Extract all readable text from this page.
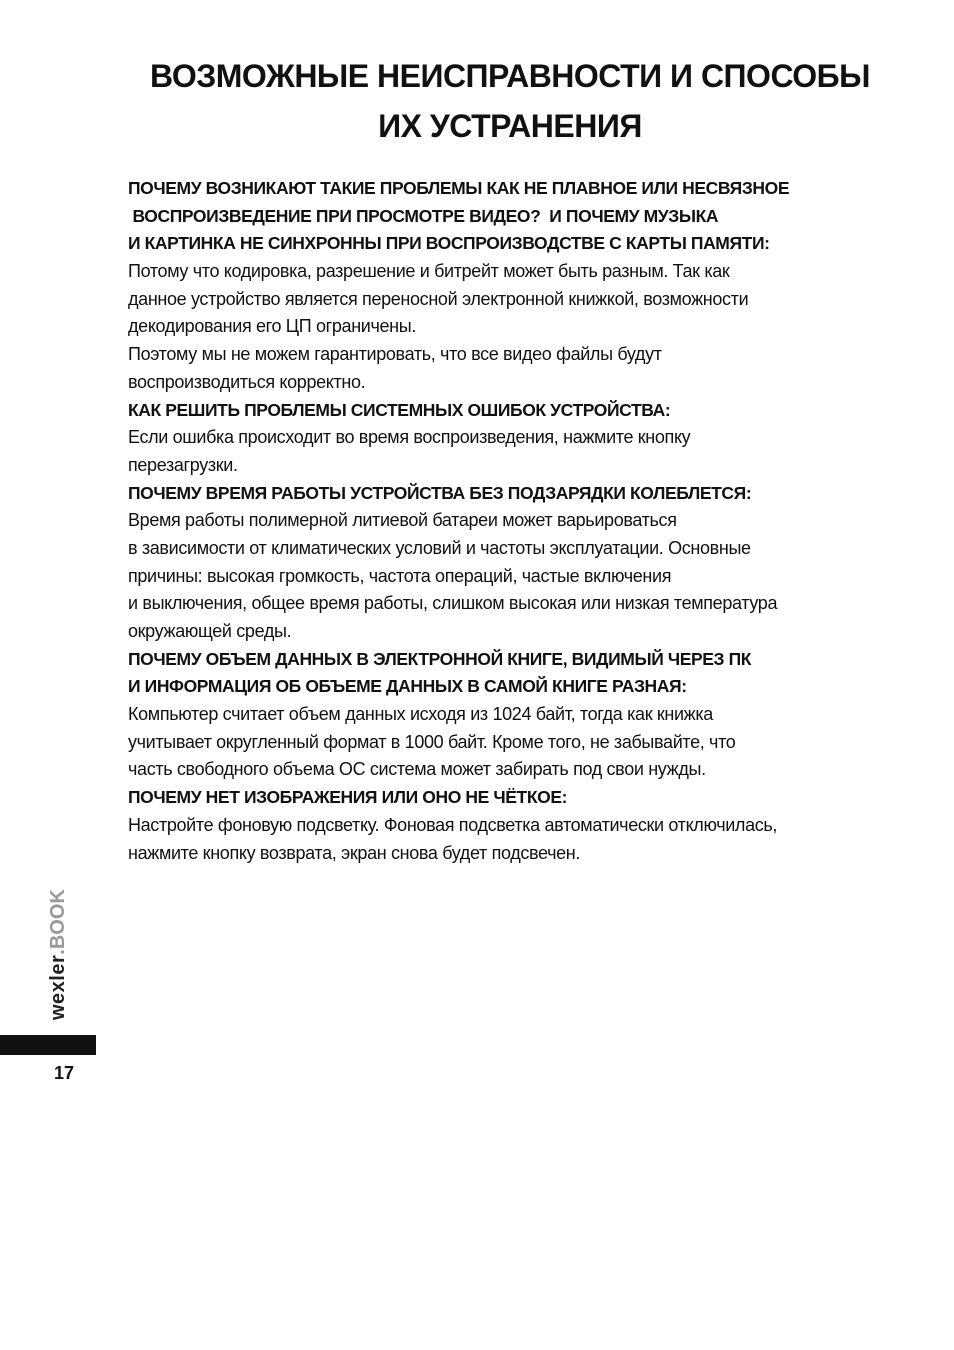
ВОЗМОЖНЫЕ НЕИСПРАВНОСТИ И СПОСОБЫ
ИХ УСТРАНЕНИЯ
ПОЧЕМУ ВОЗНИКАЮТ ТАКИЕ ПРОБЛЕМЫ КАК НЕ ПЛАВНОЕ ИЛИ НЕСВЯЗНОЕ
ВОСПРОИЗВЕДЕНИЕ ПРИ ПРОСМОТРЕ ВИДЕО?  И ПОЧЕМУ МУЗЫКА
И КАРТИНКА НЕ СИНХРОННЫ ПРИ ВОСПРОИЗВОДСТВЕ С КАРТЫ ПАМЯТИ:
Потому что кодировка, разрешение и битрейт может быть разным. Так как
данное устройство является переносной электронной книжкой, возможности
декодирования его ЦП ограничены.
Поэтому мы не можем гарантировать, что все видео файлы будут
воспроизводиться корректно.
КАК РЕШИТЬ ПРОБЛЕМЫ СИСТЕМНЫХ ОШИБОК УСТРОЙСТВА:
Если ошибка происходит во время воспроизведения, нажмите кнопку
перезагрузки.
ПОЧЕМУ ВРЕМЯ РАБОТЫ УСТРОЙСТВА БЕЗ ПОДЗАРЯДКИ КОЛЕБЛЕТСЯ:
Время работы полимерной литиевой батареи может варьироваться
в зависимости от климатических условий и частоты эксплуатации. Основные
причины: высокая громкость, частота операций, частые включения
и выключения, общее время работы, слишком высокая или низкая температура
окружающей среды.
ПОЧЕМУ ОБЪЕМ ДАННЫХ В ЭЛЕКТРОННОЙ КНИГЕ, ВИДИМЫЙ ЧЕРЕЗ ПК
И ИНФОРМАЦИЯ ОБ ОБЪЕМЕ ДАННЫХ В САМОЙ КНИГЕ РАЗНАЯ:
Компьютер считает объем данных исходя из 1024 байт, тогда как книжка
учитывает округленный формат в 1000 байт. Кроме того, не забывайте, что
часть свободного объема ОС система может забирать под свои нужды.
ПОЧЕМУ НЕТ ИЗОБРАЖЕНИЯ ИЛИ ОНО НЕ ЧЁТКОЕ:
Настройте фоновую подсветку. Фоновая подсветка автоматически отключилась,
нажмите кнопку возврата, экран снова будет подсвечен.
wexler.BOOK
17
